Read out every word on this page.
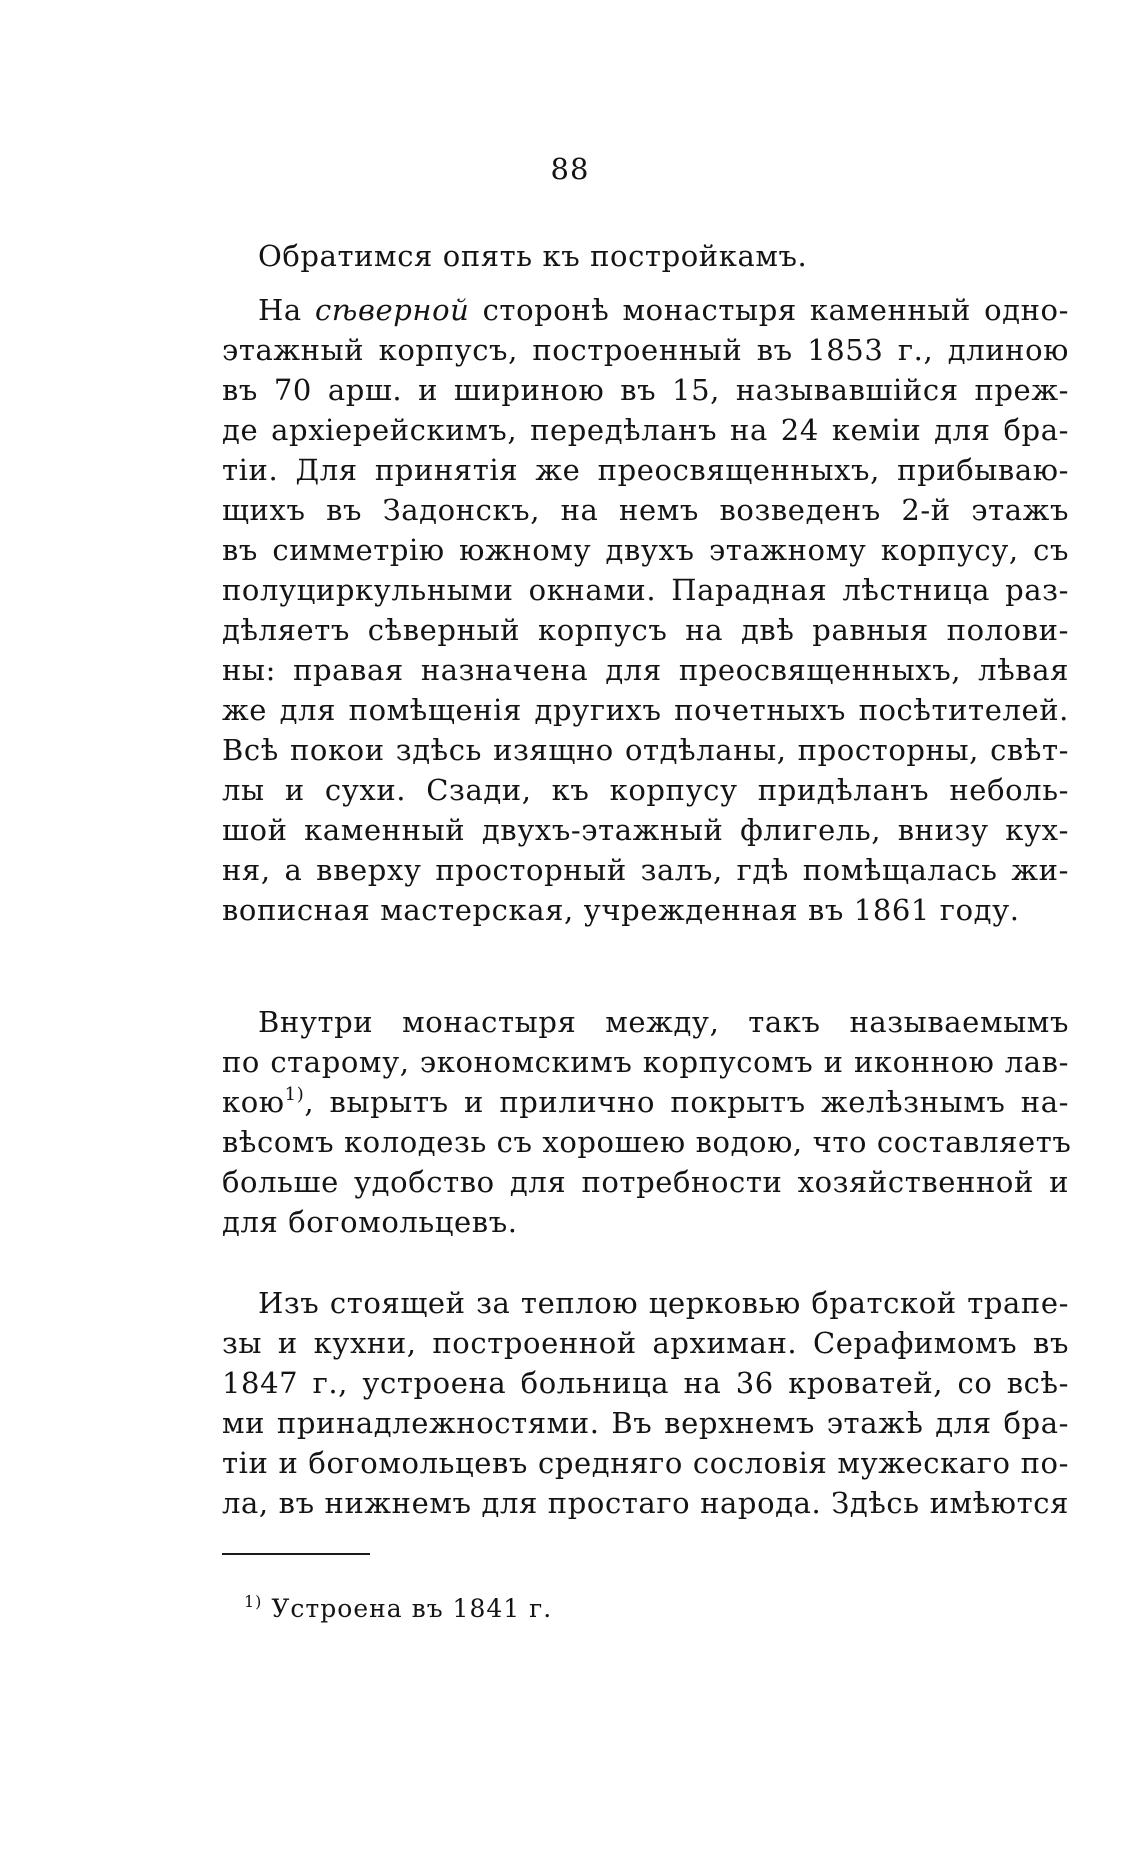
88
Обратимся опять къ постройкамъ.
На сѣверной сторонѣ монастыря каменный одно-
этажный корпусъ, построенный въ 1853 г., длиною
въ 70 арш. и шириною въ 15, называвшійся преж-
де архіерейскимъ, передѣланъ на 24 кеміи для бра-
тіи. Для принятія же преосвященныхъ, прибываю-
щихъ въ Задонскъ, на немъ возведенъ 2-й этажъ
въ симметрію южному двухъ этажному корпусу, съ
полуциркульными окнами. Парадная лѣстница раз-
дѣляетъ сѣверный корпусъ на двѣ равныя полови-
ны: правая назначена для преосвященныхъ, лѣвая
же для помѣщенія другихъ почетныхъ посѣтителей.
Всѣ покои здѣсь изящно отдѣланы, просторны, свѣт-
лы и сухи. Сзади, къ корпусу придѣланъ неболь-
шой каменный двухъ-этажный флигель, внизу кух-
ня, а вверху просторный залъ, гдѣ помѣщалась жи-
вописная мастерская, учрежденная въ 1861 году.
Внутри монастыря между, такъ называемымъ
по старому, экономскимъ корпусомъ и иконною лав-
кою$^{1)}$, вырытъ и прилично покрытъ желѣзнымъ на-
вѣсомъ колодезь съ хорошею водою, что составляетъ
больше удобство для потребности хозяйственной и
для богомольцевъ.
Изъ стоящей за теплою церковью братской трапе-
зы и кухни, построенной архиман. Серафимомъ въ
1847 г., устроена больница на 36 кроватей, со всѣ-
ми принадлежностями. Въ верхнемъ этажѣ для бра-
тіи и богомольцевъ средняго сословія мужескаго по-
ла, въ нижнемъ для простаго народа. Здѣсь имѣются
$^{1)}$ Устроена въ 1841 г.
